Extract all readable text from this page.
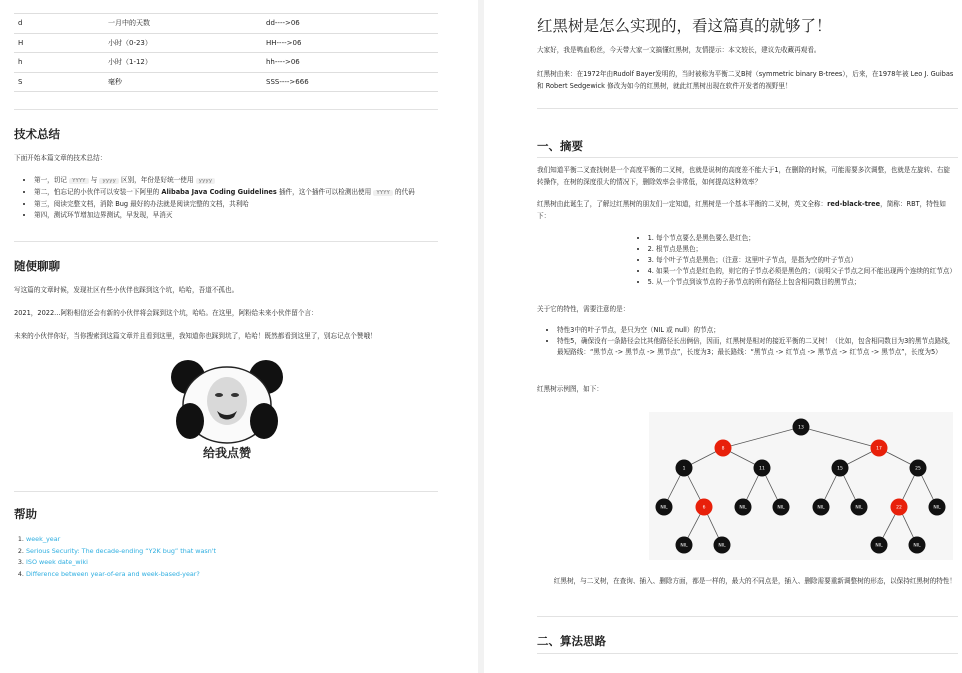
d	一月中的天数	dd---->06
H	小时（0-23）	HH---->06
h	小时（1-12）	hh---->06
S	毫秒	SSS---->666
技术总结

下面开始本篇文章的技术总结：

• 第一，切记 YYYY 与 yyyy 区别，年份是好统一使用 yyyy
• 第二，怕忘记的小伙伴可以安装一下阿里的 Alibaba Java Coding Guidelines 插件，这个插件可以检测出使用 YYYY 的代码
• 第三，阅读完整文档，消除 Bug 最好的办法就是阅读完整的文档，共利哈
• 第四，测试环节增加边界测试，早发现，早消灭
随便聊聊

写这篇的文章时候，发现社区有些小伙伴也踩到这个坑，哈哈，吾道不孤也。

2021，2022...阿粉相信还会有新的小伙伴将会踩到这个坑，哈哈。在这里，阿粉给未来小伙伴留个言：

未来的小伙伴你好，当你搜索到这篇文章并且看到这里，我知道你也踩到坑了，哈哈！既然都看到这里了，别忘记点个赞哦！

给我点赞
帮助
1. week_year
2. Serious Security: The decade-ending “Y2K bug” that wasn't
3. ISO week date_wiki
4. Difference between year-of-era and week-based-year?
红黑树是怎么实现的，看这篇真的就够了！

大家好，我是鸭血粉丝，今天带大家一文搞懂红黑树，友情提示：本文较长，建议先收藏再观看。

红黑树由来：在1972年由Rudolf Bayer发明的，当时被称为平衡二叉B树（symmetric binary B-trees），后来，在1978年被 Leo J. Guibas 和 Robert Sedgewick 修改为如今的红黑树，就此红黑树出现在软件开发者的视野里！

一、摘要

我们知道平衡二叉查找树是一个高度平衡的二叉树，也就是说树的高度差不能大于1，在删除的时候，可能需要多次调整，也就是左旋转、右旋转操作，在树的深度很大的情况下，删除效率会非常低，如何提高这种效率？

红黑树由此诞生了，了解过红黑树的朋友们一定知道，红黑树是一个基本平衡的二叉树，英文全称：red-black-tree，简称：RBT，特性如下：

• 1. 每个节点要么是黑色要么是红色；
• 2. 根节点是黑色；
• 3. 每个叶子节点是黑色；（注意：这里叶子节点，是指为空的叶子节点）
• 4. 如果一个节点是红色的，则它的子节点必须是黑色的；（说明父子节点之间不能出现两个连续的红节点）
• 5. 从一个节点到该节点的子孙节点的所有路径上包含相同数目的黑节点；

关于它的特性，需要注意的是：

• 特性3中的叶子节点，是只为空（NIL 或 null）的节点；
• 特性5，确保没有一条路径会比其他路径长出俩倍，因而，红黑树是相对的接近平衡的二叉树！（比如，包含相同数目为3的黑节点路线，最短路线：“黑节点 -> 黑节点 -> 黑节点”，长度为3；最长路线：“黑节点 -> 红节点 -> 黑节点 -> 红节点 -> 黑节点”，长度为5）

红黑树示例图，如下：

13
8	17
1	11	15	25
NIL	6	NIL	NIL	NIL	NIL	22	NIL
NIL	NIL	NIL	NIL

红黑树，与二叉树，在查询、插入、删除方面，都是一样的，最大的不同点是，插入、删除需要重新调整树的形态，以保持红黑树的特性！

二、算法思路
